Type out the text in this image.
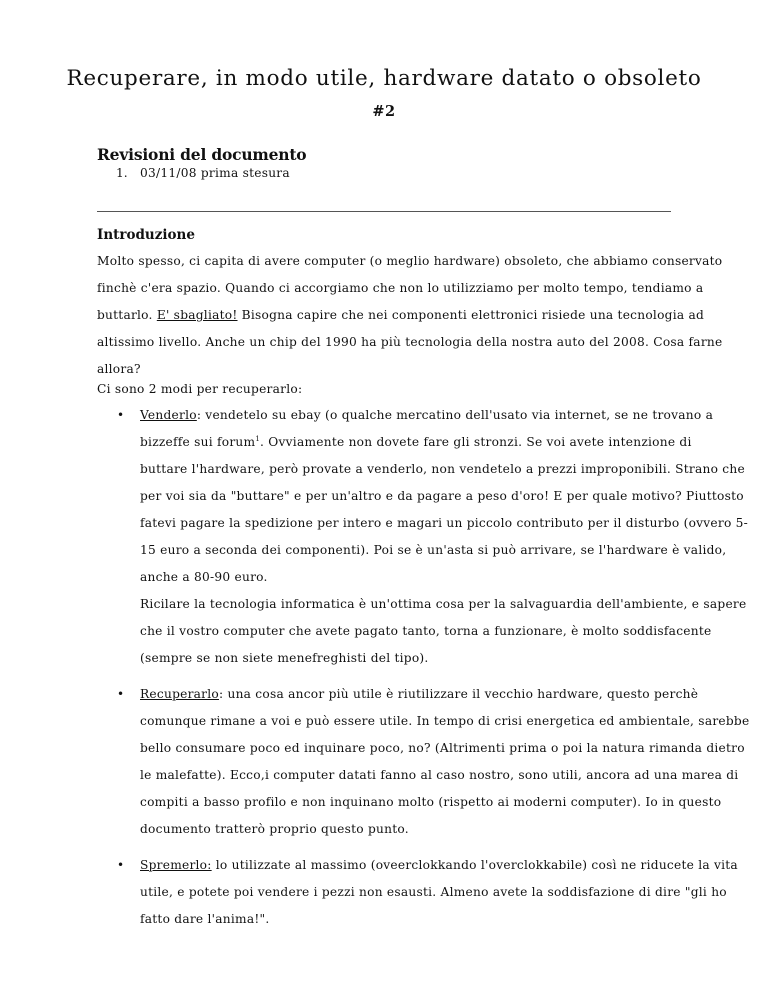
Recuperare, in modo utile, hardware datato o obsoleto
#2
Revisioni del documento
1. 03/11/08 prima stesura
Introduzione
Molto spesso, ci capita di avere computer (o meglio hardware) obsoleto, che abbiamo conservato
finchè c'era spazio. Quando ci accorgiamo che non lo utilizziamo per molto tempo, tendiamo a
buttarlo. E' sbagliato! Bisogna capire che nei componenti elettronici risiede una tecnologia ad
altissimo livello. Anche un chip del 1990 ha più tecnologia della nostra auto del 2008. Cosa farne
allora?
Ci sono 2 modi per recuperarlo:
• Venderlo: vendetelo su ebay (o qualche mercatino dell'usato via internet, se ne trovano a
bizzeffe sui forum$^1$. Ovviamente non dovete fare gli stronzi. Se voi avete intenzione di
buttare l'hardware, però provate a venderlo, non vendetelo a prezzi improponibili. Strano che
per voi sia da "buttare" e per un'altro e da pagare a peso d'oro! E per quale motivo? Piuttosto
fatevi pagare la spedizione per intero e magari un piccolo contributo per il disturbo (ovvero 5-
15 euro a seconda dei componenti). Poi se è un'asta si può arrivare, se l'hardware è valido,
anche a 80-90 euro.
Ricilare la tecnologia informatica è un'ottima cosa per la salvaguardia dell'ambiente, e sapere
che il vostro computer che avete pagato tanto, torna a funzionare, è molto soddisfacente
(sempre se non siete menefreghisti del tipo).
• Recuperarlo: una cosa ancor più utile è riutilizzare il vecchio hardware, questo perchè
comunque rimane a voi e può essere utile. In tempo di crisi energetica ed ambientale, sarebbe
bello consumare poco ed inquinare poco, no? (Altrimenti prima o poi la natura rimanda dietro
le malefatte). Ecco,i computer datati fanno al caso nostro, sono utili, ancora ad una marea di
compiti a basso profilo e non inquinano molto (rispetto ai moderni computer). Io in questo
documento tratterò proprio questo punto.
• Spremerlo: lo utilizzate al massimo (oveerclokkando l'overclokkabile) così ne riducete la vita
utile, e potete poi vendere i pezzi non esausti. Almeno avete la soddisfazione di dire "gli ho
fatto dare l'anima!".
